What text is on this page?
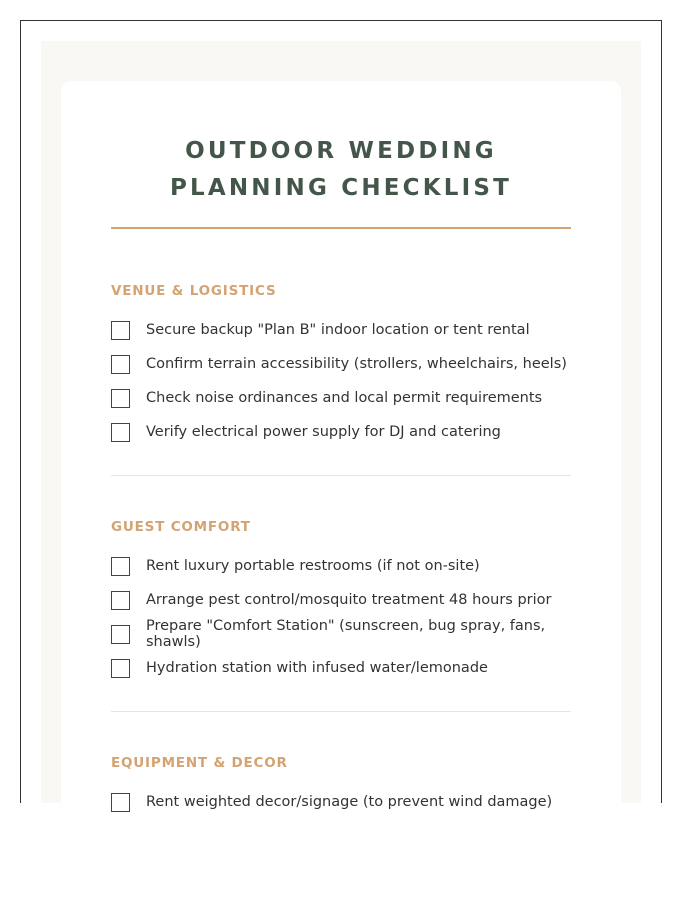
OUTDOOR WEDDING PLANNING CHECKLIST
VENUE & LOGISTICS
Secure backup "Plan B" indoor location or tent rental
Confirm terrain accessibility (strollers, wheelchairs, heels)
Check noise ordinances and local permit requirements
Verify electrical power supply for DJ and catering
GUEST COMFORT
Rent luxury portable restrooms (if not on-site)
Arrange pest control/mosquito treatment 48 hours prior
Prepare "Comfort Station" (sunscreen, bug spray, fans, shawls)
Hydration station with infused water/lemonade
EQUIPMENT & DECOR
Rent weighted decor/signage (to prevent wind damage)
